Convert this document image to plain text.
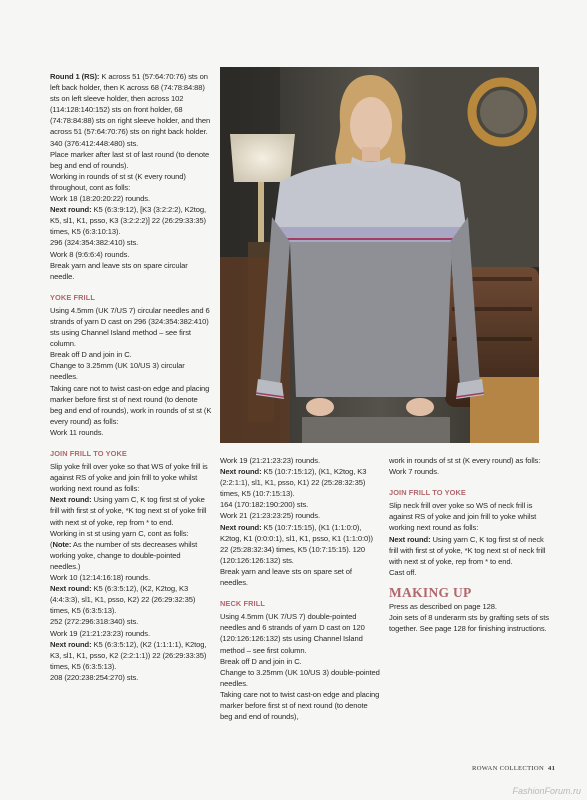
Round 1 (RS): K across 51 (57:64:70:76) sts on left back holder, then K across 68 (74:78:84:88) sts on left sleeve holder, then across 102 (114:128:140:152) sts on front holder, 68 (74:78:84:88) sts on right sleeve holder, and then across 51 (57:64:70:76) sts on right back holder.

340 (376:412:448:480) sts.

Place marker after last st of last round (to denote beg and end of rounds).

Working in rounds of st st (K every round) throughout, cont as folls:

Work 18 (18:20:20:22) rounds.

Next round: K5 (6:3:9:12), [K3 (3:2:2:2), K2tog, K5, sl1, K1, psso, K3 (3:2:2:2)] 22 (26:29:33:35) times, K5 (6:3:10:13).

296 (324:354:382:410) sts.

Work 8 (9:6:6:4) rounds.

Break yarn and leave sts on spare circular needle.

YOKE FRILL

Using 4.5mm (UK 7/US 7) circular needles and 6 strands of yarn D cast on 296 (324:354:382:410) sts using Channel Island method – see first column.

Break off D and join in C.

Change to 3.25mm (UK 10/US 3) circular needles.

Taking care not to twist cast-on edge and placing marker before first st of next round (to denote beg and end of rounds), work in rounds of st st (K every round) as folls:

Work 11 rounds.

JOIN FRILL TO YOKE

Slip yoke frill over yoke so that WS of yoke frill is against RS of yoke and join frill to yoke whilst working next round as folls:

Next round: Using yarn C, K tog first st of yoke frill with first st of yoke, *K tog next st of yoke frill with next st of yoke, rep from * to end.

Working in st st using yarn C, cont as folls:

(Note: As the number of sts decreases whilst working yoke, change to double-pointed needles.)

Work 10 (12:14:16:18) rounds.

Next round: K5 (6:3:5:12), (K2, K2tog, K3 (4:4:3:3), sl1, K1, psso, K2) 22 (26:29:32:35) times, K5 (6:3:5:13).

252 (272:296:318:340) sts.

Work 19 (21:21:23:23) rounds.

Next round: K5 (6:3:5:12), (K2 (1:1:1:1), K2tog, K3, sl1, K1, psso, K2 (2:2:1:1)) 22 (26:29:33:35) times, K5 (6:3:5:13).

208 (220:238:254:270) sts.

Work 19 (21:21:23:23) rounds.

Next round: K5 (10:7:15:12), (K1, K2tog, K3 (2:2:1:1), sl1, K1, psso, K1) 22 (25:28:32:35) times, K5 (10:7:15:13).

164 (170:182:190:200) sts.

Work 21 (21:23:23:25) rounds.

Next round: K5 (10:7:15:15), (K1 (1:1:0:0), K2tog, K1 (0:0:0:1), sl1, K1, psso, K1 (1:1:0:0)) 22 (25:28:32:34) times, K5 (10:7:15:15). 120 (120:126:126:132) sts.

Break yarn and leave sts on spare set of needles.

NECK FRILL

Using 4.5mm (UK 7/US 7) double-pointed needles and 6 strands of yarn D cast on 120 (120:126:126:132) sts using Channel Island method – see first column.

Break off D and join in C.

Change to 3.25mm (UK 10/US 3) double-pointed needles.

Taking care not to twist cast-on edge and placing marker before first st of next round (to denote beg and end of rounds),

work in rounds of st st (K every round) as folls:

Work 7 rounds.

JOIN FRILL TO YOKE

Slip neck frill over yoke so WS of neck frill is against RS of yoke and join frill to yoke whilst working next round as folls:

Next round: Using yarn C, K tog first st of neck frill with first st of yoke, *K tog next st of neck frill with next st of yoke, rep from * to end.

Cast off.

MAKING UP

Press as described on page 128.

Join sets of 8 underarm sts by grafting sets of sts together. See page 128 for finishing instructions.

ROWAN COLLECTION 41
FashionForum.ru
